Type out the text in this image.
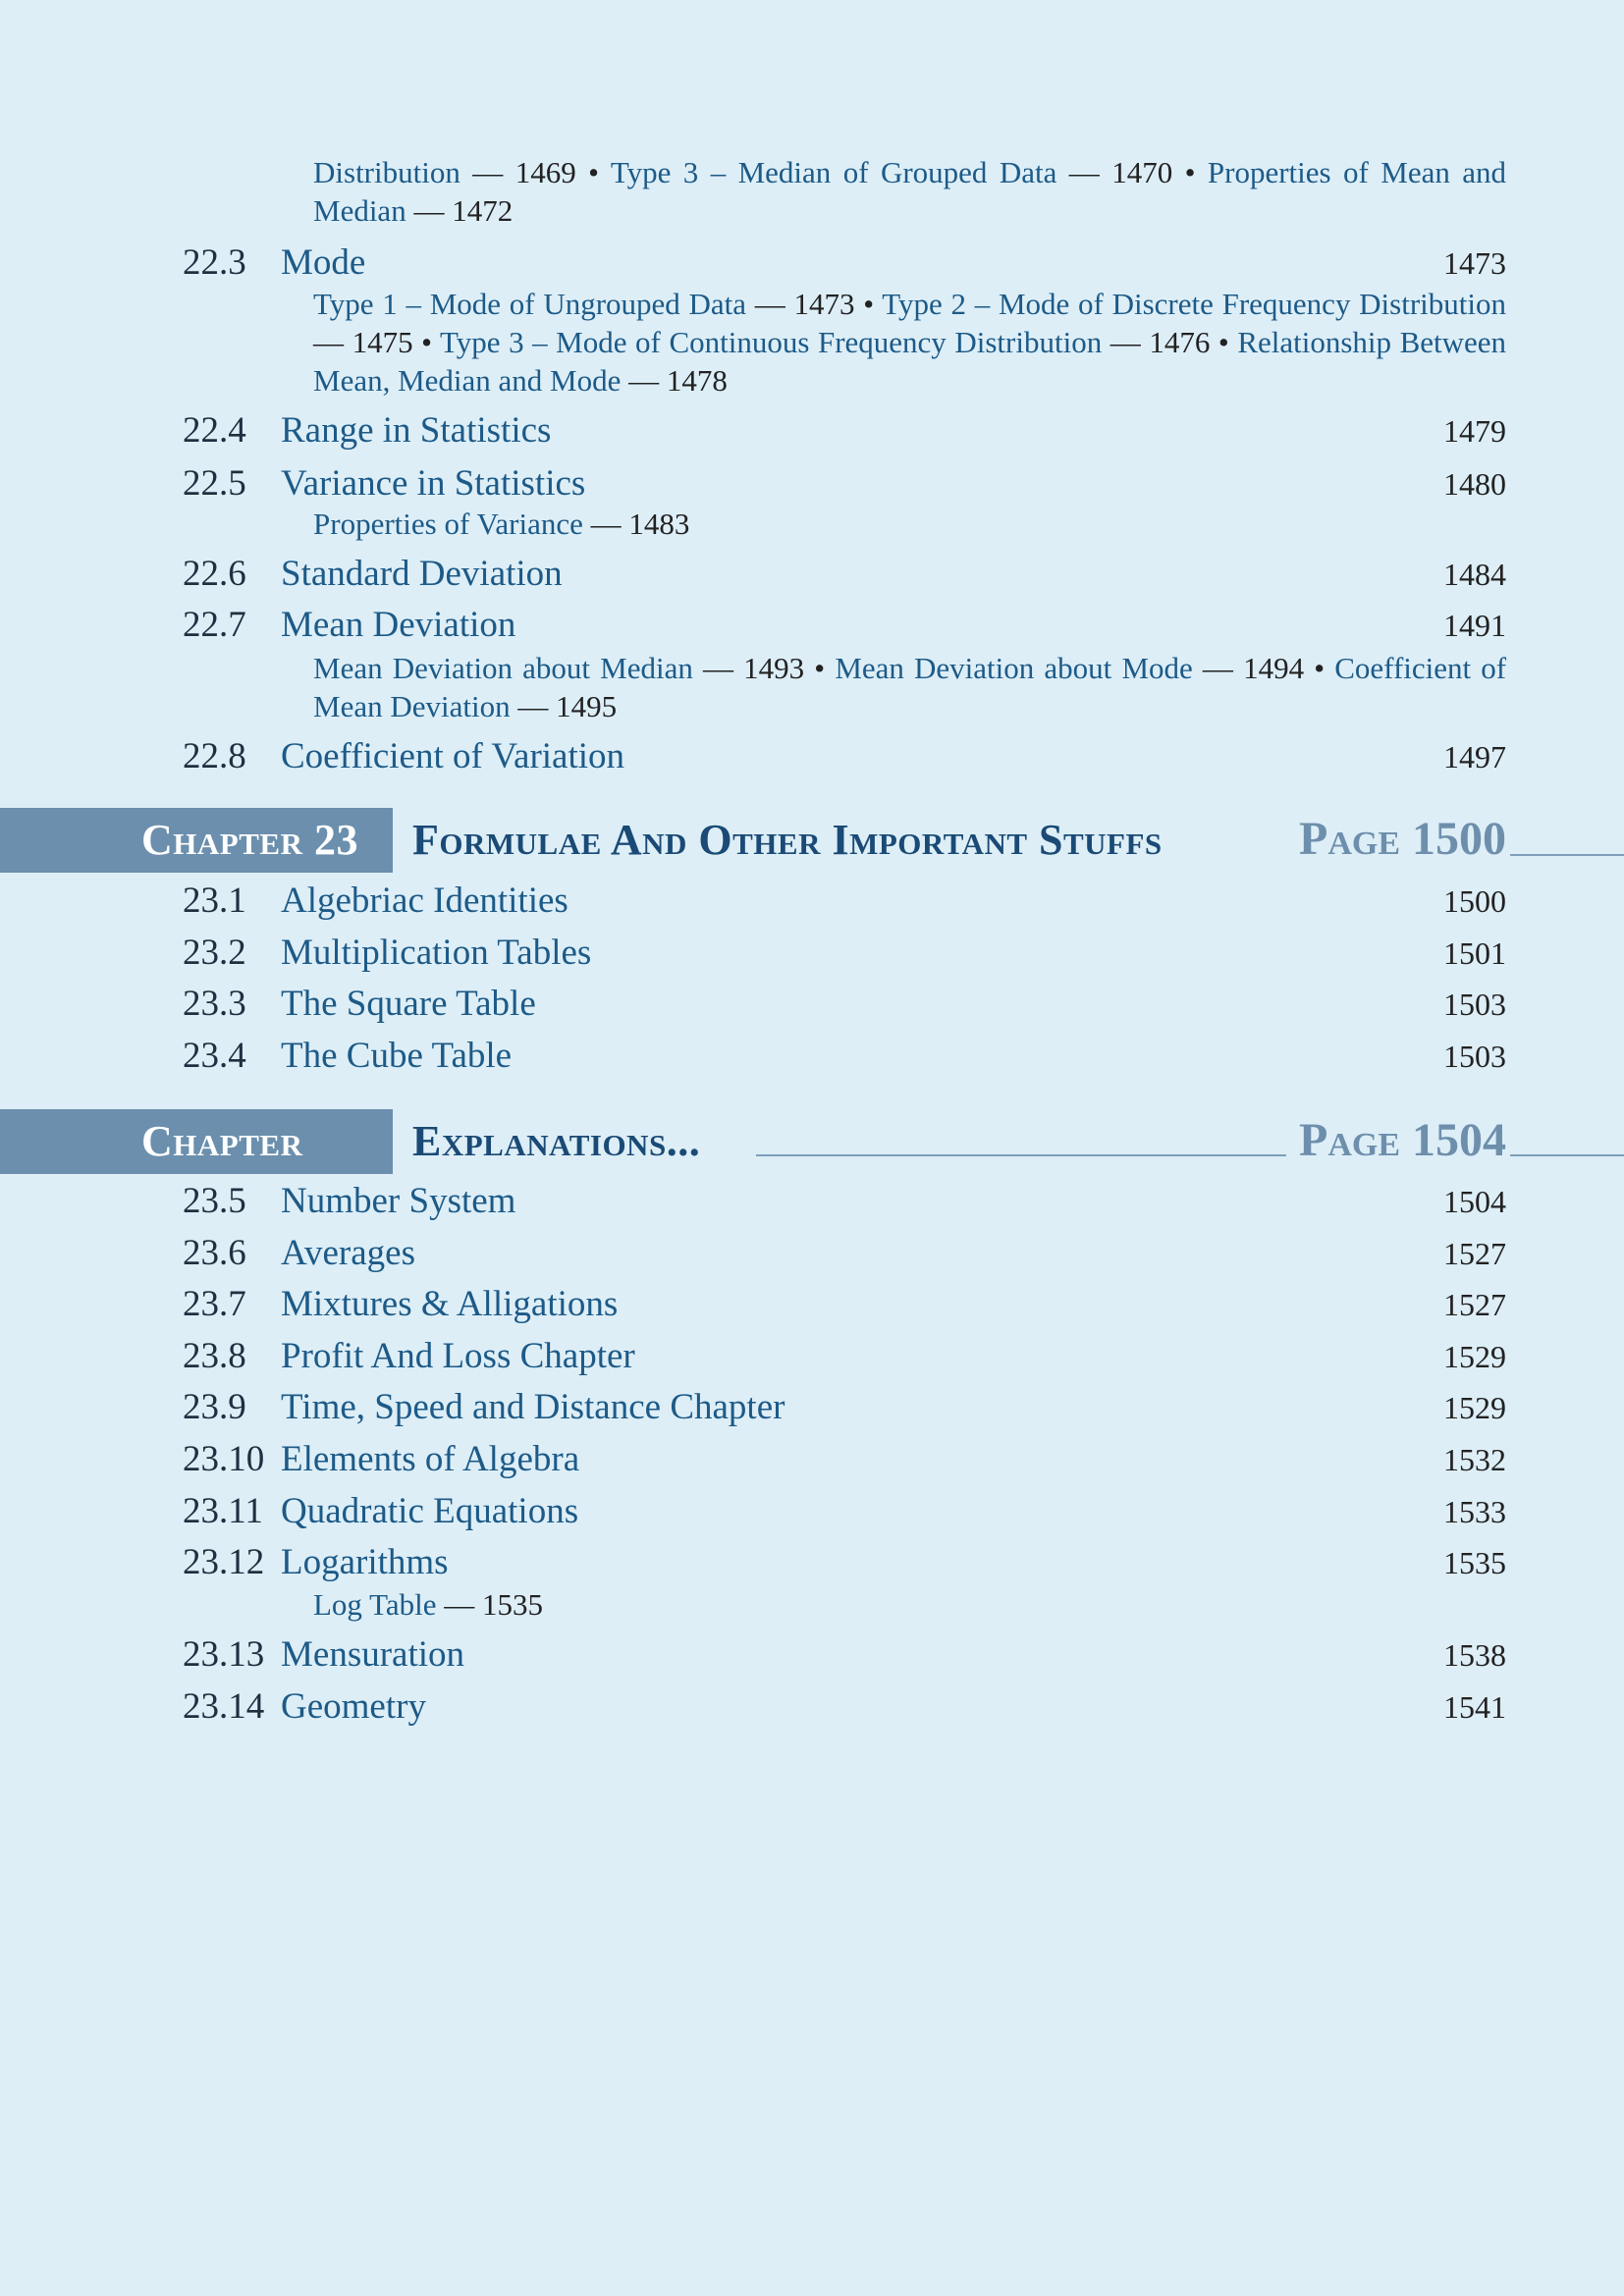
Distribution — 1469 • Type 3 – Median of Grouped Data — 1470 • Properties of Mean and Median — 1472
22.3 Mode	1473
Type 1 – Mode of Ungrouped Data — 1473 • Type 2 – Mode of Discrete Frequency Distribution — 1475 • Type 3 – Mode of Continuous Frequency Distribution — 1476 • Relationship Between Mean, Median and Mode — 1478
22.4 Range in Statistics	1479
22.5 Variance in Statistics	1480
Properties of Variance — 1483
22.6 Standard Deviation	1484
22.7 Mean Deviation	1491
Mean Deviation about Median — 1493 • Mean Deviation about Mode — 1494 • Coefficient of Mean Deviation — 1495
22.8 Coefficient of Variation	1497
Chapter 23 Formulae And Other Important Stuffs	Page 1500
23.1 Algebriac Identities	1500
23.2 Multiplication Tables	1501
23.3 The Square Table	1503
23.4 The Cube Table	1503
Chapter	Explanations...	Page 1504
23.5 Number System	1504
23.6 Averages	1527
23.7 Mixtures & Alligations	1527
23.8 Profit And Loss Chapter	1529
23.9 Time, Speed and Distance Chapter	1529
23.10 Elements of Algebra	1532
23.11 Quadratic Equations	1533
23.12 Logarithms	1535
Log Table — 1535
23.13 Mensuration	1538
23.14 Geometry	1541
